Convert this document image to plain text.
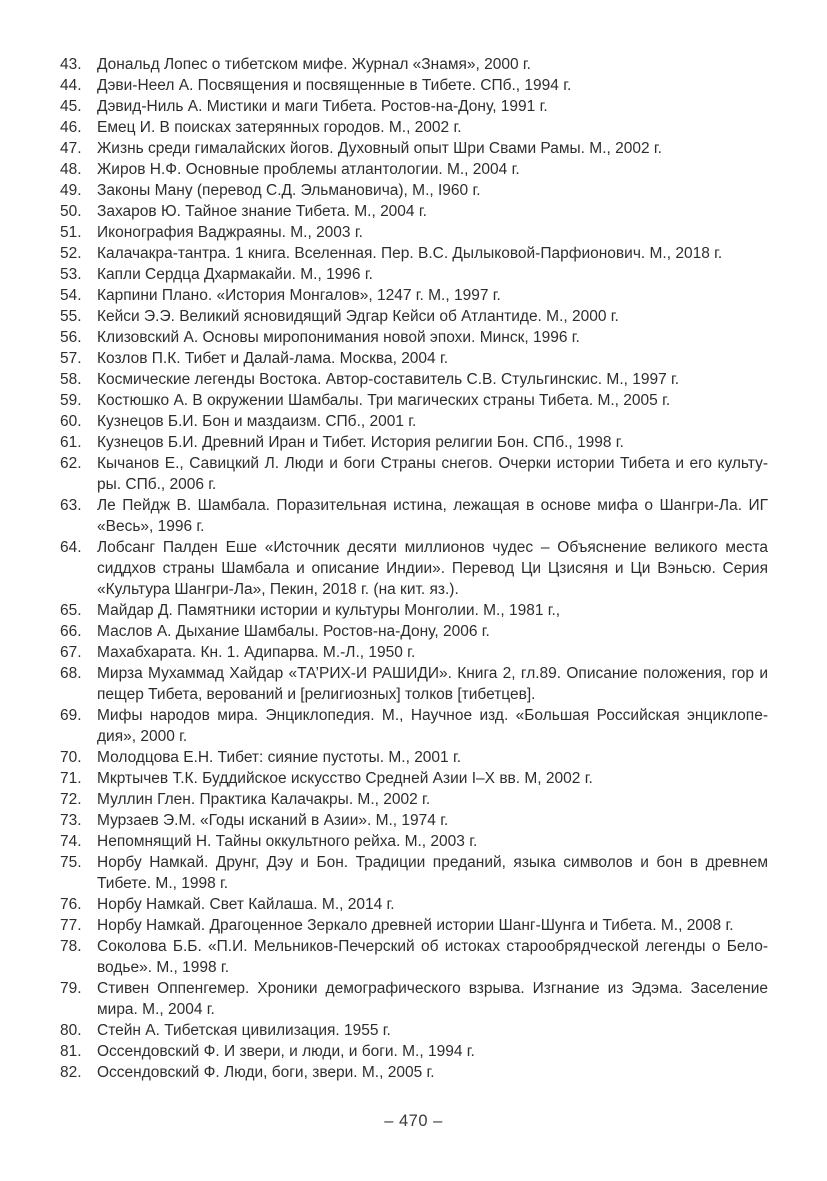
43. Дональд Лопес о тибетском мифе. Журнал «Знамя», 2000 г.
44. Дэви-Неел А. Посвящения и посвященные в Тибете. СПб., 1994 г.
45. Дэвид-Ниль А. Мистики и маги Тибета. Ростов-на-Дону, 1991 г.
46. Емец И. В поисках затерянных городов. М., 2002 г.
47. Жизнь среди гималайских йогов. Духовный опыт Шри Свами Рамы. М., 2002 г.
48. Жиров Н.Ф. Основные проблемы атлантологии. М., 2004 г.
49. Законы Ману (перевод С.Д. Эльмановича), М., I960 г.
50. Захаров Ю. Тайное знание Тибета. М., 2004 г.
51. Иконография Ваджраяны. М., 2003 г.
52. Калачакра-тантра. 1 книга. Вселенная. Пер. В.С. Дылыковой-Парфионович. М., 2018 г.
53. Капли Сердца Дхармакайи. М., 1996 г.
54. Карпини Плано. «История Монгалов», 1247 г. М., 1997 г.
55. Кейси Э.Э. Великий ясновидящий Эдгар Кейси об Атлантиде. М., 2000 г.
56. Клизовский А. Основы миропонимания новой эпохи. Минск, 1996 г.
57. Козлов П.К. Тибет и Далай-лама. Москва, 2004 г.
58. Космические легенды Востока. Автор-составитель С.В. Стульгинскис. М., 1997 г.
59. Костюшко А. В окружении Шамбалы. Три магических страны Тибета. М., 2005 г.
60. Кузнецов Б.И. Бон и маздаизм. СПб., 2001 г.
61. Кузнецов Б.И. Древний Иран и Тибет. История религии Бон. СПб., 1998 г.
62. Кычанов Е., Савицкий Л. Люди и боги Страны снегов. Очерки истории Тибета и его культуры. СПб., 2006 г.
63. Ле Пейдж В. Шамбала. Поразительная истина, лежащая в основе мифа о Шангри-Ла. ИГ «Весь», 1996 г.
64. Лобсанг Палден Еше «Источник десяти миллионов чудес – Объяснение великого места сиддхов страны Шамбала и описание Индии». Перевод Ци Цзисяня и Ци Вэньсю. Серия «Культура Шангри-Ла», Пекин, 2018 г. (на кит. яз.).
65. Майдар Д. Памятники истории и культуры Монголии. М., 1981 г.,
66. Маслов А. Дыхание Шамбалы. Ростов-на-Дону, 2006 г.
67. Махабхарата. Кн. 1. Адипарва. М.-Л., 1950 г.
68. Мирза Мухаммад Хайдар «ТА’РИХ-И РАШИДИ». Книга 2, гл.89. Описание положения, гор и пещер Тибета, верований и [религиозных] толков [тибетцев].
69. Мифы народов мира. Энциклопедия. М., Научное изд. «Большая Российская энциклопедия», 2000 г.
70. Молодцова Е.Н. Тибет: сияние пустоты. М., 2001 г.
71. Мкртычев Т.К. Буддийское искусство Средней Азии I–X вв. М, 2002 г.
72. Муллин Глен. Практика Калачакры. М., 2002 г.
73. Мурзаев Э.М. «Годы исканий в Азии». М., 1974 г.
74. Непомнящий Н. Тайны оккультного рейха. М., 2003 г.
75. Норбу Намкай. Друнг, Дэу и Бон. Традиции преданий, языка символов и бон в древнем Тибете. М., 1998 г.
76. Норбу Намкай. Свет Кайлаша. М., 2014 г.
77. Норбу Намкай. Драгоценное Зеркало древней истории Шанг-Шунга и Тибета. М., 2008 г.
78. Соколова Б.Б. «П.И. Мельников-Печерский об истоках старообрядческой легенды о Беловодье». М., 1998 г.
79. Стивен Оппенгемер. Хроники демографического взрыва. Изгнание из Эдэма. Заселение мира. М., 2004 г.
80. Стейн А. Тибетская цивилизация. 1955 г.
81. Оссендовский Ф. И звери, и люди, и боги. М., 1994 г.
82. Оссендовский Ф. Люди, боги, звери. М., 2005 г.
– 470 –
